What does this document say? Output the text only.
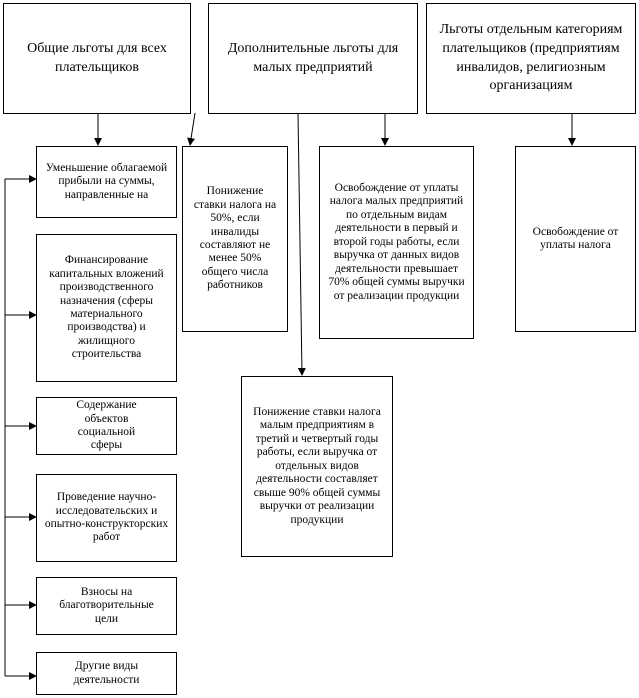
Общие льготы для всех плательщиков
Дополнительные льготы для малых предприятий
Льготы отдельным категориям плательщиков (предприятиям инвалидов, религиозным организациям
Уменьшение облагаемой прибыли на суммы, направленные на
Финансирование капитальных вложений производственного назначения (сферы материального производства) и жилищного строительства
Содержание объектов социальной сферы
Проведение научно-исследовательских и опытно-конструкторских работ
Взносы на благотворительные цели
Другие виды деятельности
Понижение ставки налога на 50%, если инвалиды составляют не менее 50% общего числа работников
Освобождение от уплаты налога малых предприятий по отдельным видам деятельности в первый и второй годы работы, если выручка от данных видов деятельности превышает 70% общей суммы выручки от реализации продукции
Понижение ставки налога малым предприятиям в третий и четвертый годы работы, если выручка от отдельных видов деятельности составляет свыше 90% общей суммы выручки от реализации продукции
Освобождение от уплаты налога
